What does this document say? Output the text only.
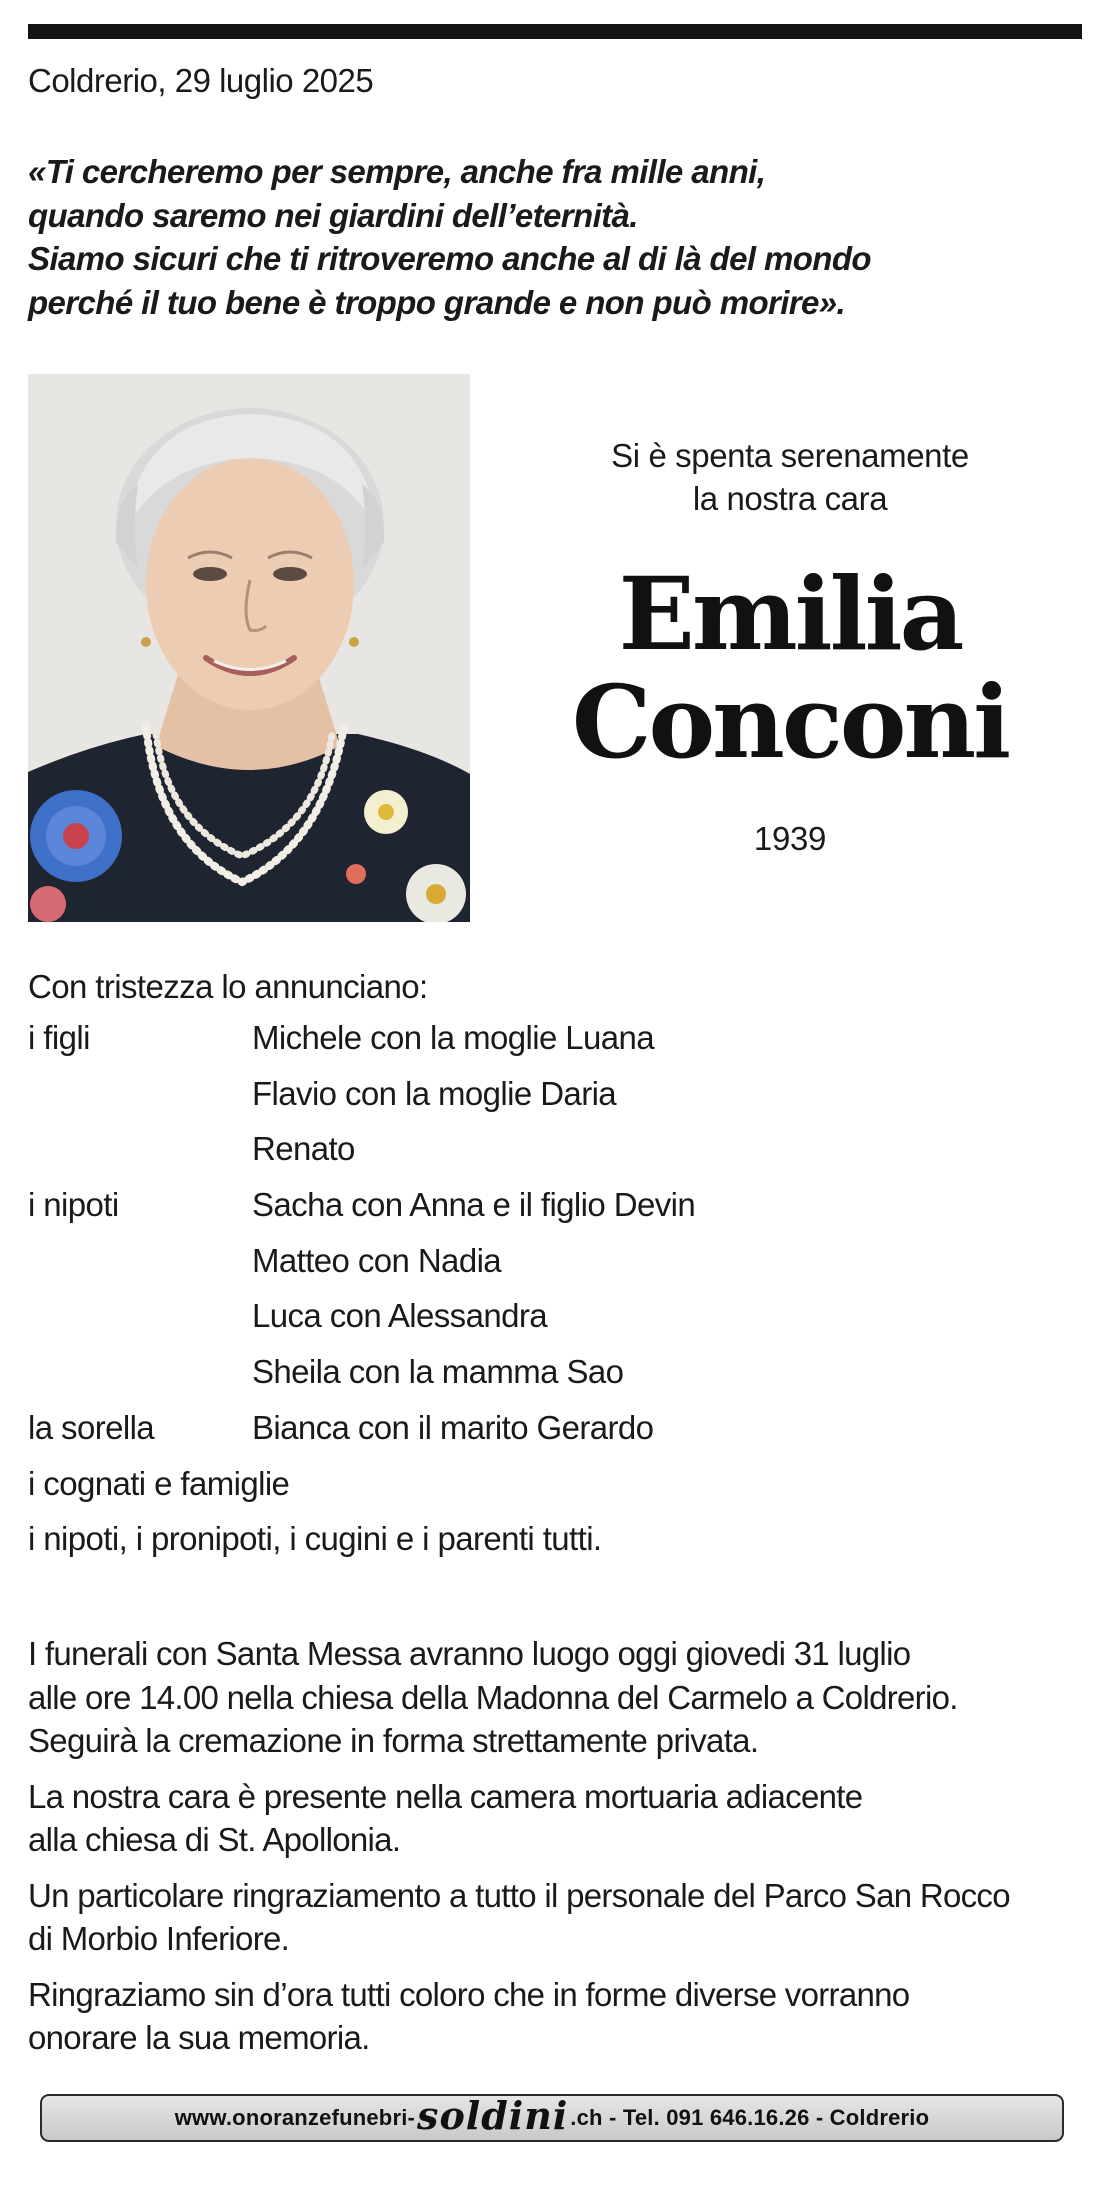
Coldrerio, 29 luglio 2025
«Ti cercheremo per sempre, anche fra mille anni,
quando saremo nei giardini dell’eternità.
Siamo sicuri che ti ritroveremo anche al di là del mondo
perché il tuo bene è troppo grande e non può morire».
Si è spenta serenamente
la nostra cara
Emilia
Conconi
1939
Con tristezza lo annunciano:
i figli	Michele con la moglie Luana
Flavio con la moglie Daria
Renato
i nipoti	Sacha con Anna e il figlio Devin
Matteo con Nadia
Luca con Alessandra
Sheila con la mamma Sao
la sorella	Bianca con il marito Gerardo
i cognati e famiglie
i nipoti, i pronipoti, i cugini e i parenti tutti.

I funerali con Santa Messa avranno luogo oggi giovedi 31 luglio
alle ore 14.00 nella chiesa della Madonna del Carmelo a Coldrerio.
Seguirà la cremazione in forma strettamente privata.

La nostra cara è presente nella camera mortuaria adiacente
alla chiesa di St. Apollonia.

Un particolare ringraziamento a tutto il personale del Parco San Rocco
di Morbio Inferiore.

Ringraziamo sin d’ora tutti coloro che in forme diverse vorranno
onorare la sua memoria.

www.onoranzefunebri- soldini .ch - Tel. 091 646.16.26 - Coldrerio
